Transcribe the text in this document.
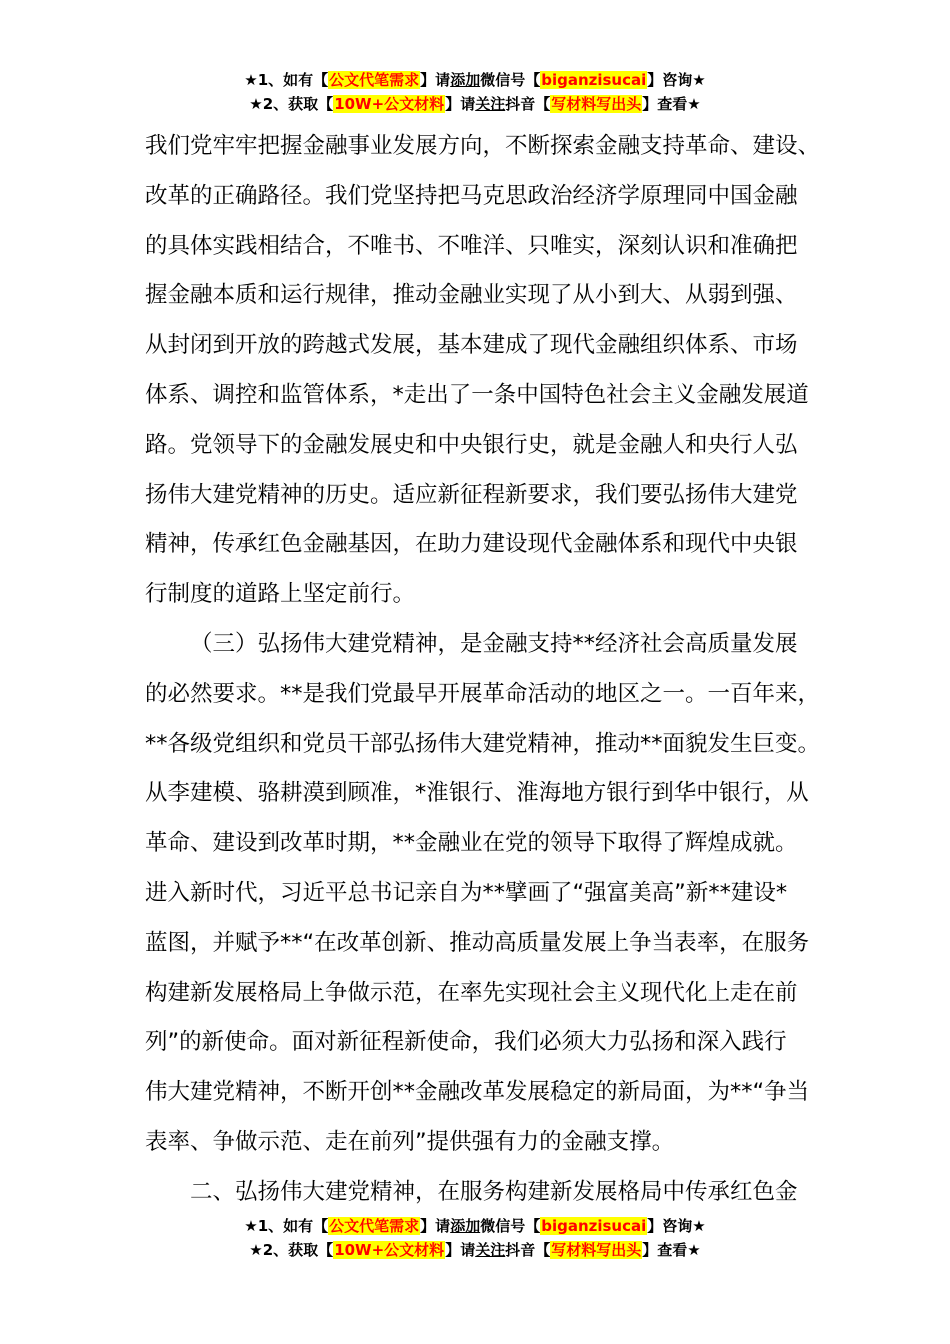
★1、如有【公文代笔需求】请添加微信号【biganzisucai】咨询★
★2、获取【10W+公文材料】请关注抖音【写材料写出头】查看★
我们党牢牢把握金融事业发展方向，不断探索金融支持革命、建设、
改革的正确路径。我们党坚持把马克思政治经济学原理同中国金融
的具体实践相结合，不唯书、不唯洋、只唯实，深刻认识和准确把
握金融本质和运行规律，推动金融业实现了从小到大、从弱到强、
从封闭到开放的跨越式发展，基本建成了现代金融组织体系、市场
体系、调控和监管体系，*走出了一条中国特色社会主义金融发展道
路。党领导下的金融发展史和中央银行史，就是金融人和央行人弘
扬伟大建党精神的历史。适应新征程新要求，我们要弘扬伟大建党
精神，传承红色金融基因，在助力建设现代金融体系和现代中央银
行制度的道路上坚定前行。
（三）弘扬伟大建党精神，是金融支持**经济社会高质量发展
的必然要求。**是我们党最早开展革命活动的地区之一。一百年来，
**各级党组织和党员干部弘扬伟大建党精神，推动**面貌发生巨变。
从李建模、骆耕漠到顾准，*淮银行、淮海地方银行到华中银行，从
革命、建设到改革时期，**金融业在党的领导下取得了辉煌成就。
进入新时代，习近平总书记亲自为**擘画了“强富美高”新**建设*
蓝图，并赋予**“在改革创新、推动高质量发展上争当表率，在服务
构建新发展格局上争做示范，在率先实现社会主义现代化上走在前
列”的新使命。面对新征程新使命，我们必须大力弘扬和深入践行
伟大建党精神，不断开创**金融改革发展稳定的新局面，为**“争当
表率、争做示范、走在前列”提供强有力的金融支撑。
二、弘扬伟大建党精神，在服务构建新发展格局中传承红色金
★1、如有【公文代笔需求】请添加微信号【biganzisucai】咨询★
★2、获取【10W+公文材料】请关注抖音【写材料写出头】查看★
